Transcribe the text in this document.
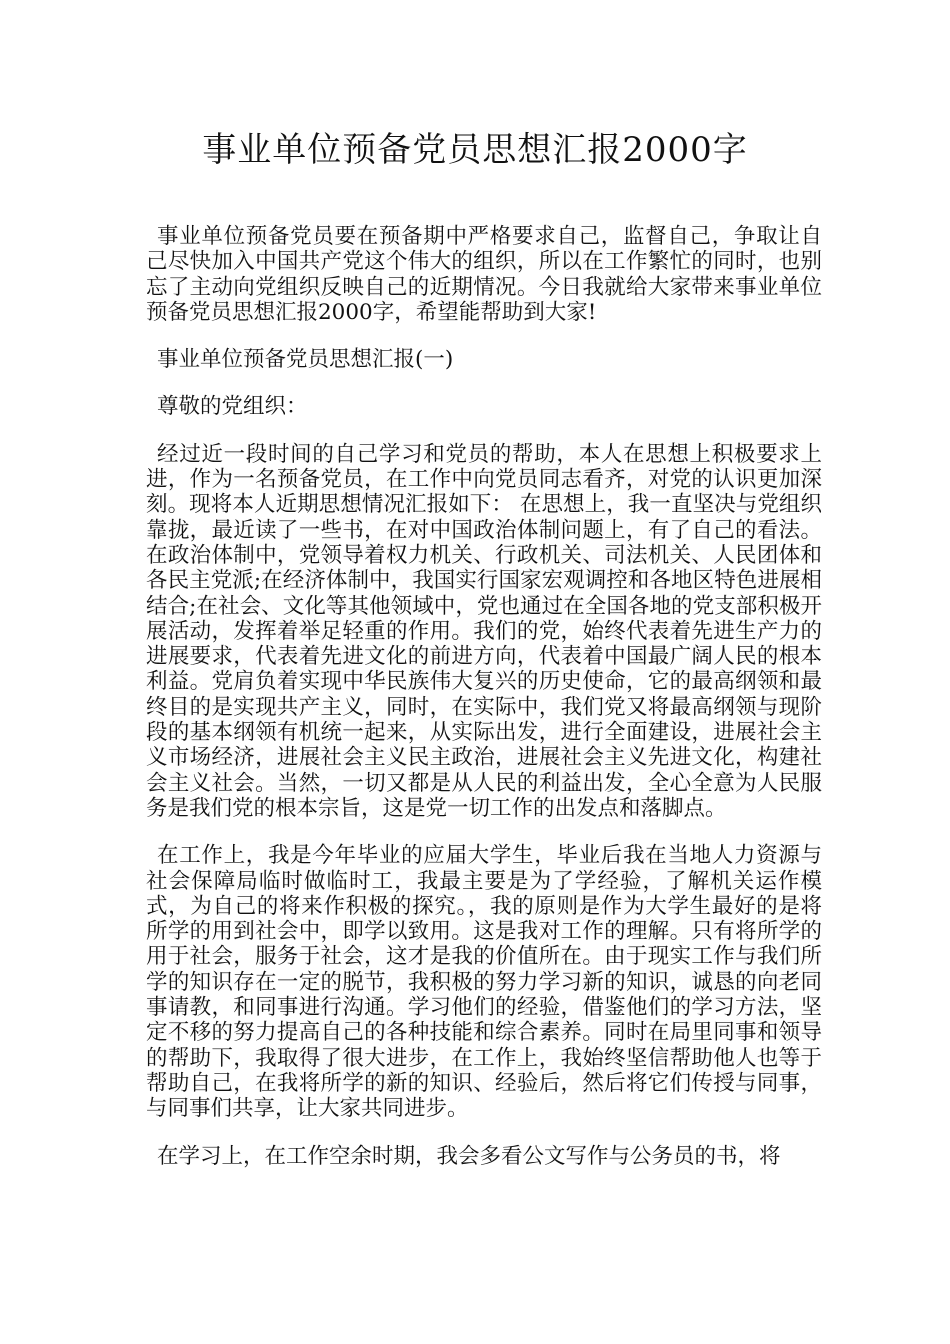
事业单位预备党员思想汇报2000字

事业单位预备党员要在预备期中严格要求自己，监督自己，争取让自己尽快加入中国共产党这个伟大的组织，所以在工作繁忙的同时，也别忘了主动向党组织反映自己的近期情况。今日我就给大家带来事业单位预备党员思想汇报2000字，希望能帮助到大家!

事业单位预备党员思想汇报(一)

尊敬的党组织：

经过近一段时间的自己学习和党员的帮助，本人在思想上积极要求上进，作为一名预备党员，在工作中向党员同志看齐，对党的认识更加深刻。现将本人近期思想情况汇报如下： 在思想上，我一直坚决与党组织靠拢，最近读了一些书，在对中国政治体制问题上，有了自己的看法。在政治体制中，党领导着权力机关、行政机关、司法机关、人民团体和各民主党派;在经济体制中，我国实行国家宏观调控和各地区特色进展相结合;在社会、文化等其他领域中，党也通过在全国各地的党支部积极开展活动，发挥着举足轻重的作用。我们的党，始终代表着先进生产力的进展要求，代表着先进文化的前进方向，代表着中国最广阔人民的根本利益。党肩负着实现中华民族伟大复兴的历史使命，它的最高纲领和最终目的是实现共产主义，同时，在实际中，我们党又将最高纲领与现阶段的基本纲领有机统一起来，从实际出发，进行全面建设，进展社会主义市场经济，进展社会主义民主政治，进展社会主义先进文化，构建社会主义社会。当然，一切又都是从人民的利益出发，全心全意为人民服务是我们党的根本宗旨，这是党一切工作的出发点和落脚点。

在工作上，我是今年毕业的应届大学生，毕业后我在当地人力资源与社会保障局临时做临时工，我最主要是为了学经验，了解机关运作模式，为自己的将来作积极的探究。，我的原则是作为大学生最好的是将所学的用到社会中，即学以致用。这是我对工作的理解。只有将所学的用于社会，服务于社会，这才是我的价值所在。由于现实工作与我们所学的知识存在一定的脱节，我积极的努力学习新的知识，诚恳的向老同事请教，和同事进行沟通。学习他们的经验，借鉴他们的学习方法，坚定不移的努力提高自己的各种技能和综合素养。同时在局里同事和领导的帮助下，我取得了很大进步，在工作上，我始终坚信帮助他人也等于帮助自己，在我将所学的新的知识、经验后，然后将它们传授与同事，与同事们共享，让大家共同进步。

在学习上，在工作空余时期，我会多看公文写作与公务员的书，将
